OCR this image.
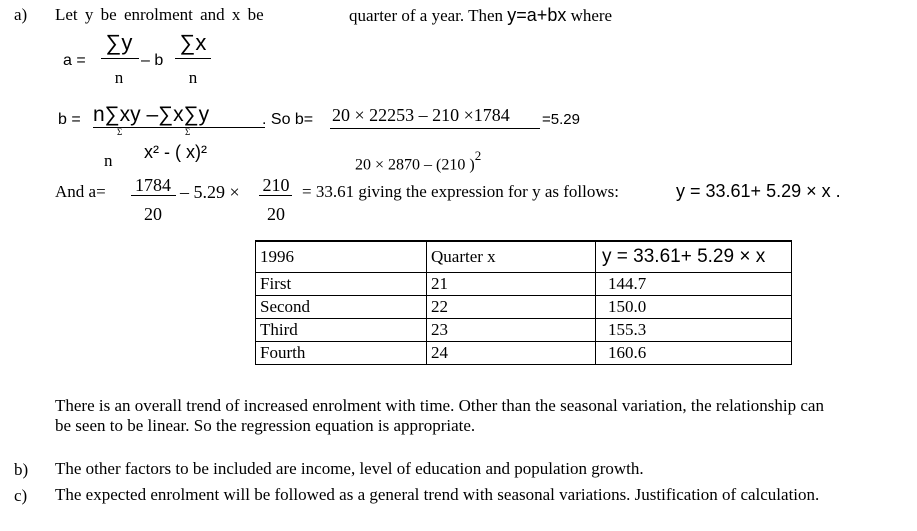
a) Let y be enrolment and x be	quarter of a year. Then y=a+bx where
a =
∑y
n
– b
∑x
n
b = n∑xy –∑x∑y
Σ	Σ
n x² - ( x)²
. So b= 20 × 22253 – 210 ×1784 =5.29
20 × 2870 – (210 )$^2$
And a=	1784
20
– 5.29 ×	210
20
= 33.61 giving the expression for y as follows:	y = 33.61+ 5.29 × x .
1996	Quarter x	y = 33.61+ 5.29 × x
First	21	144.7
Second	22	150.0
Third	23	155.3
Fourth	24	160.6
There is an overall trend of increased enrolment with time. Other than the seasonal variation, the relationship can be seen to be linear. So the regression equation is appropriate.
b) The other factors to be included are income, level of education and population growth.
c) The expected enrolment will be followed as a general trend with seasonal variations. Justification of calculation.
